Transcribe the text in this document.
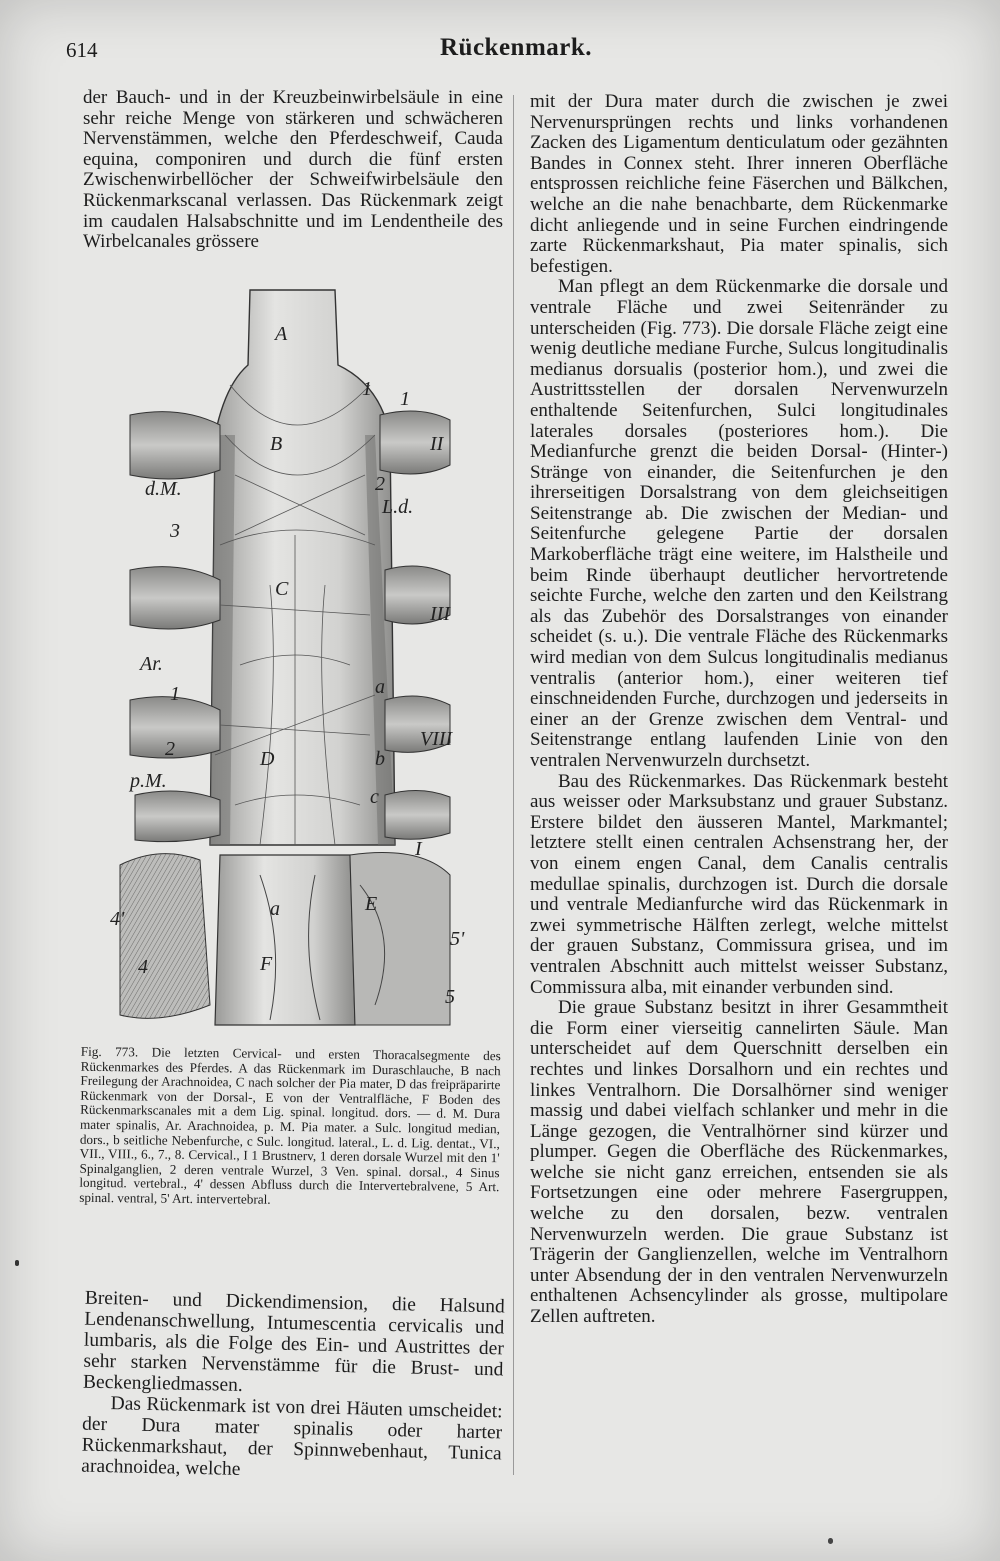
614	Rückenmark.

der Bauch- und in der Kreuzbeinwirbelsäule in eine sehr reiche Menge von stärkeren und schwächeren Nervenstämmen, welche den Pferdeschweif, Cauda equina, componiren und durch die fünf ersten Zwischenwirbellöcher der Schweifwirbelsäule den Rückenmarkscanal verlassen. Das Rückenmark zeigt im caudalen Halsabschnitte und im Lendentheile des Wirbelcanales grössere

A
B
C
D
E
F
a
a
b
c
1 1
1
2
2
3
4
4'
5
5'
II
III
VIII
I
d.M.
L.d.
Ar.
p.M.
Fig. 773. Die letzten Cervical- und ersten Thoracalsegmente des Rückenmarkes des Pferdes. A das Rückenmark im Duraschlauche, B nach Freilegung der Arachnoidea, C nach solcher der Pia mater, D das freipräparirte Rückenmark von der Dorsal-, E von der Ventralfläche, F Boden des Rückenmarkscanales mit a dem Lig. spinal. longitud. dors. — d. M. Dura mater spinalis, Ar. Arachnoidea, p. M. Pia mater. a Sulc. longitud median, dors., b seitliche Nebenfurche, c Sulc. longitud. lateral., L. d. Lig. dentat., VI., VII., VIII., 6., 7., 8. Cervical., I 1 Brustnerv, 1 deren dorsale Wurzel mit den 1' Spinalganglien, 2 deren ventrale Wurzel, 3 Ven. spinal. dorsal., 4 Sinus longitud. vertebral., 4' dessen Abfluss durch die Intervertebralvene, 5 Art. spinal. ventral, 5' Art. intervertebral.

Breiten- und Dickendimension, die Halsund Lendenanschwellung, Intumescentia cervicalis und lumbaris, als die Folge des Ein- und Austrittes der sehr starken Nervenstämme für die Brust- und Beckengliedmassen.

Das Rückenmark ist von drei Häuten umscheidet: der Dura mater spinalis oder harter Rückenmarkshaut, der Spinnwebenhaut, Tunica arachnoidea, welche

mit der Dura mater durch die zwischen je zwei Nervenursprüngen rechts und links vorhandenen Zacken des Ligamentum denticulatum oder gezähnten Bandes in Connex steht. Ihrer inneren Oberfläche entsprossen reichliche feine Fäserchen und Bälkchen, welche an die nahe benachbarte, dem Rückenmarke dicht anliegende und in seine Furchen eindringende zarte Rückenmarkshaut, Pia mater spinalis, sich befestigen.

Man pflegt an dem Rückenmarke die dorsale und ventrale Fläche und zwei Seitenränder zu unterscheiden (Fig. 773). Die dorsale Fläche zeigt eine wenig deutliche mediane Furche, Sulcus longitudinalis medianus dorsualis (posterior hom.), und zwei die Austrittsstellen der dorsalen Nervenwurzeln enthaltende Seitenfurchen, Sulci longitudinales laterales dorsales (posteriores hom.). Die Medianfurche grenzt die beiden Dorsal- (Hinter-) Stränge von einander, die Seitenfurchen je den ihrerseitigen Dorsalstrang von dem gleichseitigen Seitenstrange ab. Die zwischen der Median- und Seitenfurche gelegene Partie der dorsalen Markoberfläche trägt eine weitere, im Halstheile und beim Rinde überhaupt deutlicher hervortretende seichte Furche, welche den zarten und den Keilstrang als das Zubehör des Dorsalstranges von einander scheidet (s. u.). Die ventrale Fläche des Rückenmarks wird median von dem Sulcus longitudinalis medianus ventralis (anterior hom.), einer weiteren tief einschneidenden Furche, durchzogen und jederseits in einer an der Grenze zwischen dem Ventral- und Seitenstrange entlang laufenden Linie von den ventralen Nervenwurzeln durchsetzt.

Bau des Rückenmarkes. Das Rückenmark besteht aus weisser oder Marksubstanz und grauer Substanz. Erstere bildet den äusseren Mantel, Markmantel; letztere stellt einen centralen Achsenstrang her, der von einem engen Canal, dem Canalis centralis medullae spinalis, durchzogen ist. Durch die dorsale und ventrale Medianfurche wird das Rückenmark in zwei symmetrische Hälften zerlegt, welche mittelst der grauen Substanz, Commissura grisea, und im ventralen Abschnitt auch mittelst weisser Substanz, Commissura alba, mit einander verbunden sind.

Die graue Substanz besitzt in ihrer Gesammtheit die Form einer vierseitig cannelirten Säule. Man unterscheidet auf dem Querschnitt derselben ein rechtes und linkes Dorsalhorn und ein rechtes und linkes Ventralhorn. Die Dorsalhörner sind weniger massig und dabei vielfach schlanker und mehr in die Länge gezogen, die Ventralhörner sind kürzer und plumper. Gegen die Oberfläche des Rückenmarkes, welche sie nicht ganz erreichen, entsenden sie als Fortsetzungen eine oder mehrere Fasergruppen, welche zu den dorsalen, bezw. ventralen Nervenwurzeln werden. Die graue Substanz ist Trägerin der Ganglienzellen, welche im Ventralhorn unter Absendung der in den ventralen Nervenwurzeln enthaltenen Achsencylinder als grosse, multipolare Zellen auftreten.
